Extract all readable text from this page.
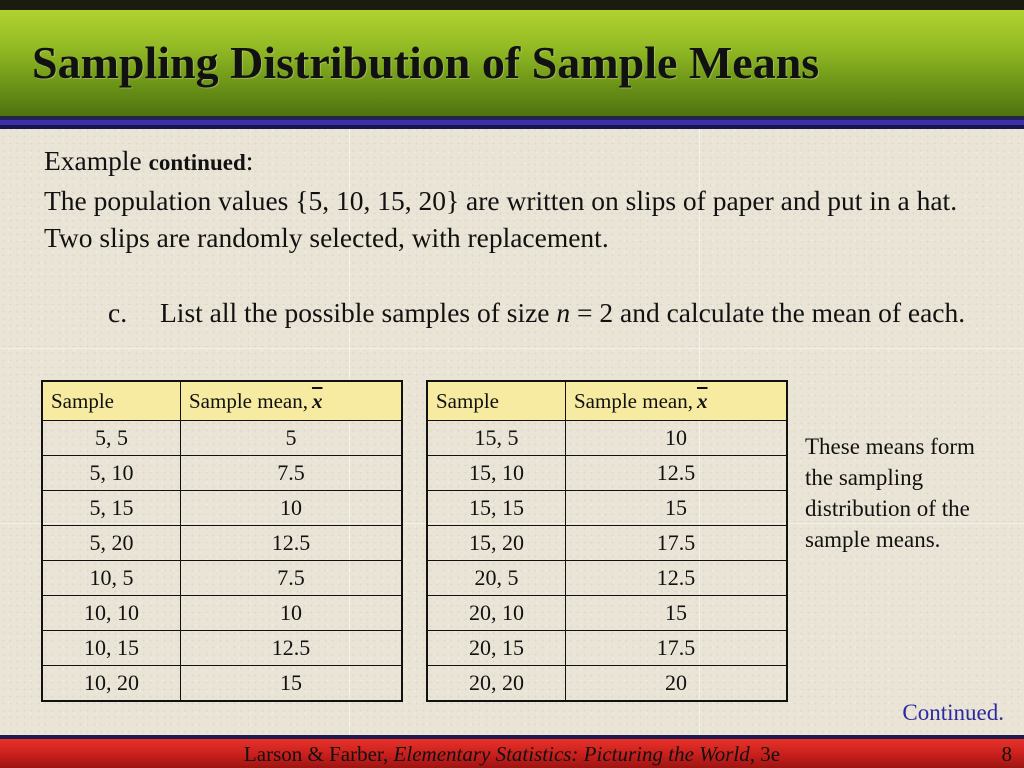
Sampling Distribution of Sample Means

Example continued:

The population values {5, 10, 15, 20} are written on slips of paper and put in a hat. Two slips are randomly selected, with replacement.

c. List all the possible samples of size n = 2 and calculate the mean of each.
Sample	Sample mean, $\overline{x}$
5, 5	5
5, 10	7.5
5, 15	10
5, 20	12.5
10, 5	7.5
10, 10	10
10, 15	12.5
10, 20	15
Sample	Sample mean, $\overline{x}$
15, 5	10
15, 10	12.5
15, 15	15
15, 20	17.5
20, 5	12.5
20, 10	15
20, 15	17.5
20, 20	20
These means form the sampling distribution of the sample means.
Continued.
Larson & Farber, Elementary Statistics: Picturing the World, 3e	8
